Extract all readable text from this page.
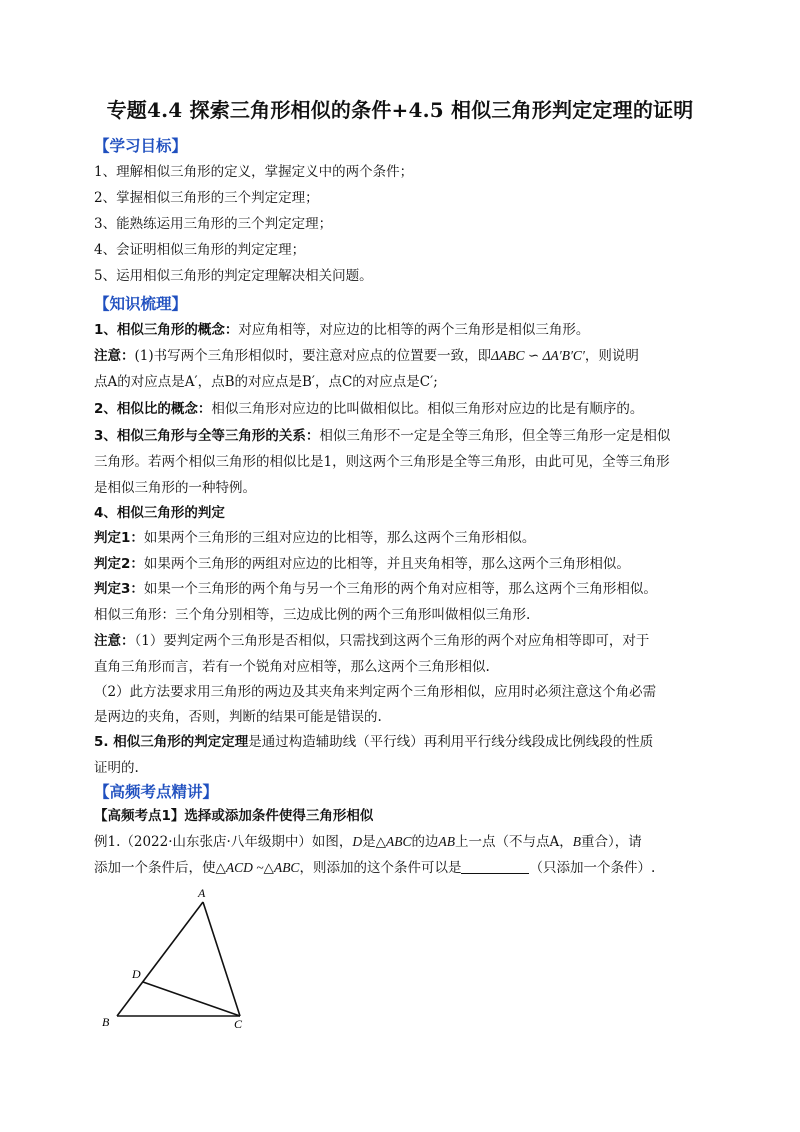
专题4.4 探索三角形相似的条件+4.5 相似三角形判定定理的证明
【学习目标】
1、理解相似三角形的定义，掌握定义中的两个条件；
2、掌握相似三角形的三个判定定理；
3、能熟练运用三角形的三个判定定理；
4、会证明相似三角形的判定定理；
5、运用相似三角形的判定定理解决相关问题。
【知识梳理】
1、相似三角形的概念：对应角相等，对应边的比相等的两个三角形是相似三角形。
注意：(1)书写两个三角形相似时，要注意对应点的位置要一致，即ΔABC ∽ ΔA′B′C′，则说明
点A的对应点是A′，点B的对应点是B′，点C的对应点是C′;
2、相似比的概念：相似三角形对应边的比叫做相似比。相似三角形对应边的比是有顺序的。
3、相似三角形与全等三角形的关系：相似三角形不一定是全等三角形，但全等三角形一定是相似
三角形。若两个相似三角形的相似比是1，则这两个三角形是全等三角形，由此可见，全等三角形
是相似三角形的一种特例。
4、相似三角形的判定
判定1：如果两个三角形的三组对应边的比相等，那么这两个三角形相似。
判定2：如果两个三角形的两组对应边的比相等，并且夹角相等，那么这两个三角形相似。
判定3：如果一个三角形的两个角与另一个三角形的两个角对应相等，那么这两个三角形相似。
相似三角形：三个角分别相等，三边成比例的两个三角形叫做相似三角形.
注意：（1）要判定两个三角形是否相似，只需找到这两个三角形的两个对应角相等即可，对于
直角三角形而言，若有一个锐角对应相等，那么这两个三角形相似.
（2）此方法要求用三角形的两边及其夹角来判定两个三角形相似，应用时必须注意这个角必需
是两边的夹角，否则，判断的结果可能是错误的.
5. 相似三角形的判定定理是通过构造辅助线（平行线）再利用平行线分线段成比例线段的性质
证明的.
【高频考点精讲】
【高频考点1】选择或添加条件使得三角形相似
例1.（2022·山东张店·八年级期中）如图，D是△ABC的边AB上一点（不与点A，B重合），请
添加一个条件后，使△ACD ~△ABC，则添加的这个条件可以是	（只添加一个条件）.
A
B	C
D
